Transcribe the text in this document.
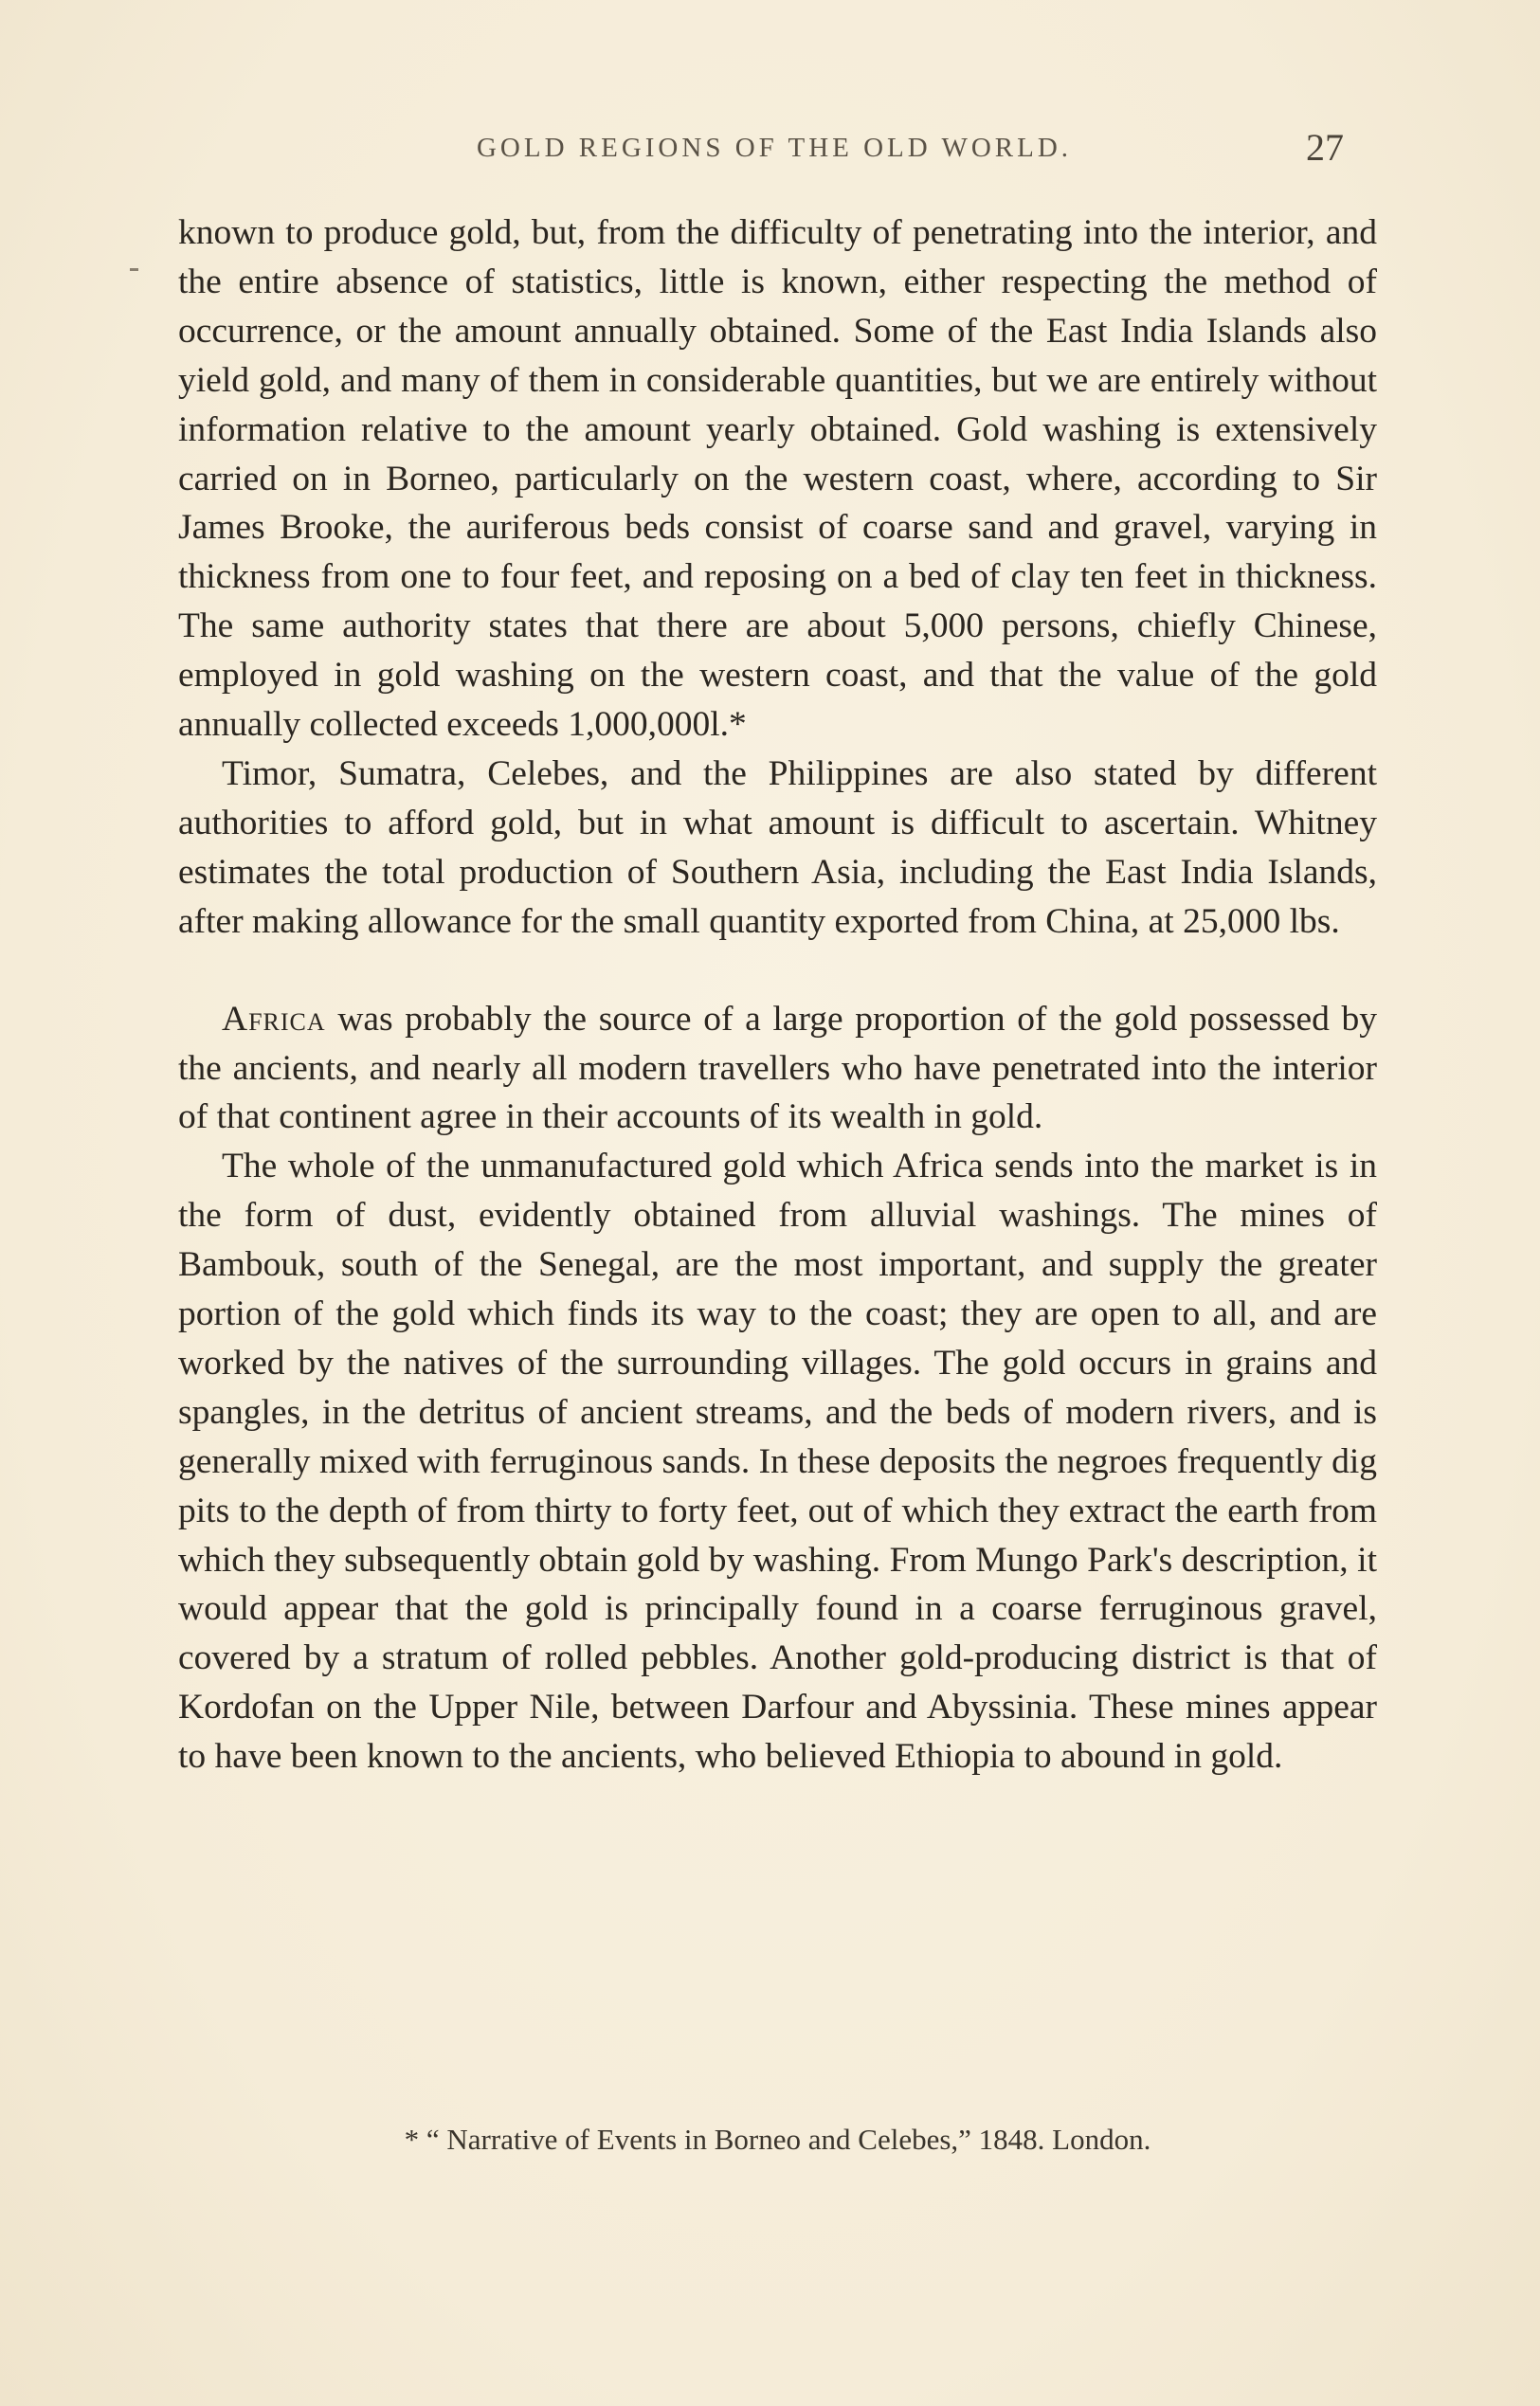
GOLD REGIONS OF THE OLD WORLD.	27

known to produce gold, but, from the difficulty of penetrating into the interior, and the entire absence of statistics, little is known, either respecting the method of occurrence, or the amount annually obtained. Some of the East India Islands also yield gold, and many of them in considerable quantities, but we are entirely without information relative to the amount yearly obtained. Gold washing is extensively carried on in Borneo, particularly on the western coast, where, according to Sir James Brooke, the auriferous beds consist of coarse sand and gravel, varying in thickness from one to four feet, and reposing on a bed of clay ten feet in thickness. The same authority states that there are about 5,000 persons, chiefly Chinese, employed in gold washing on the western coast, and that the value of the gold annually collected exceeds 1,000,000l.*

Timor, Sumatra, Celebes, and the Philippines are also stated by different authorities to afford gold, but in what amount is difficult to ascertain. Whitney estimates the total production of Southern Asia, including the East India Islands, after making allowance for the small quantity exported from China, at 25,000 lbs.

Africa was probably the source of a large proportion of the gold possessed by the ancients, and nearly all modern travellers who have penetrated into the interior of that continent agree in their accounts of its wealth in gold.

The whole of the unmanufactured gold which Africa sends into the market is in the form of dust, evidently obtained from alluvial washings. The mines of Bambouk, south of the Senegal, are the most important, and supply the greater portion of the gold which finds its way to the coast; they are open to all, and are worked by the natives of the surrounding villages. The gold occurs in grains and spangles, in the detritus of ancient streams, and the beds of modern rivers, and is generally mixed with ferruginous sands. In these deposits the negroes frequently dig pits to the depth of from thirty to forty feet, out of which they extract the earth from which they subsequently obtain gold by washing. From Mungo Park's description, it would appear that the gold is principally found in a coarse ferruginous gravel, covered by a stratum of rolled pebbles. Another gold-producing district is that of Kordofan on the Upper Nile, between Darfour and Abyssinia. These mines appear to have been known to the ancients, who believed Ethiopia to abound in gold.

* “ Narrative of Events in Borneo and Celebes,” 1848. London.
